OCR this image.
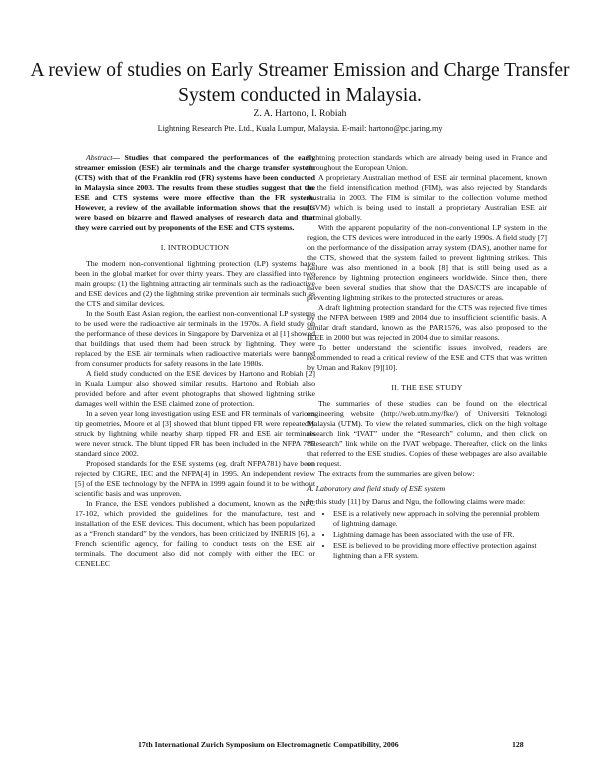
A review of studies on Early Streamer Emission and Charge Transfer System conducted in Malaysia.
Z. A. Hartono, I. Robiah
Lightning Research Pte. Ltd., Kuala Lumpur, Malaysia. E-mail: hartono@pc.jaring.my

Abstract— Studies that compared the performances of the early streamer emission (ESE) air terminals and the charge transfer system (CTS) with that of the Franklin rod (FR) systems have been conducted in Malaysia since 2003. The results from these studies suggest that the ESE and CTS systems were more effective than the FR system. However, a review of the available information shows that the results were based on bizarre and flawed analyses of research data and that they were carried out by proponents of the ESE and CTS systems.

I. INTRODUCTION

The modern non-conventional lightning protection (LP) systems have been in the global market for over thirty years. They are classified into two main groups: (1) the lightning attracting air terminals such as the radioactive and ESE devices and (2) the lightning strike prevention air terminals such as the CTS and similar devices.

In the South East Asian region, the earliest non-conventional LP systems to be used were the radioactive air terminals in the 1970s. A field study on the performance of these devices in Singapore by Darveniza et al [1] showed that buildings that used them had been struck by lightning. They were replaced by the ESE air terminals when radioactive materials were banned from consumer products for safety reasons in the late 1980s.

A field study conducted on the ESE devices by Hartono and Robiah [2] in Kuala Lumpur also showed similar results. Hartono and Robiah also provided before and after event photographs that showed lightning strike damages well within the ESE claimed zone of protection.

In a seven year long investigation using ESE and FR terminals of various tip geometries, Moore et al [3] showed that blunt tipped FR were repeatedly struck by lightning while nearby sharp tipped FR and ESE air terminals were never struck. The blunt tipped FR has been included in the NFPA 780 standard since 2002.

Proposed standards for the ESE systems (eg. draft NFPA781) have been rejected by CIGRE, IEC and the NFPA[4] in 1995. An independent review [5] of the ESE technology by the NFPA in 1999 again found it to be without scientific basis and was unproven.

In France, the ESE vendors published a document, known as the NFC 17-102, which provided the guidelines for the manufacture, test and installation of the ESE devices. This document, which has been popularized as a “French standard” by the vendors, has been criticized by INERIS [6], a French scientific agency, for failing to conduct tests on the ESE air terminals. The document also did not comply with either the IEC or CENELEC

lightning protection standards which are already being used in France and throughout the European Union.

A proprietary Australian method of ESE air terminal placement, known as the field intensification method (FIM), was also rejected by Standards Australia in 2003. The FIM is similar to the collection volume method (CVM) which is being used to install a proprietary Australian ESE air terminal globally.

With the apparent popularity of the non-conventional LP system in the region, the CTS devices were introduced in the early 1990s. A field study [7] on the performance of the dissipation array system (DAS), another name for the CTS, showed that the system failed to prevent lightning strikes. This failure was also mentioned in a book [8] that is still being used as a reference by lightning protection engineers worldwide. Since then, there have been several studies that show that the DAS/CTS are incapable of preventing lightning strikes to the protected structures or areas.

A draft lightning protection standard for the CTS was rejected five times by the NFPA between 1989 and 2004 due to insufficient scientific basis. A similar draft standard, known as the PAR1576, was also proposed to the IEEE in 2000 but was rejected in 2004 due to similar reasons.

To better understand the scientific issues involved, readers are recommended to read a critical review of the ESE and CTS that was written by Uman and Rakov [9][10].

II. THE ESE STUDY

The summaries of these studies can be found on the electrical engineering website (http://web.utm.my/fke/) of Universiti Teknologi Malaysia (UTM). To view the related summaries, click on the high voltage research link “IVAT” under the “Research” column, and then click on “Research” link while on the IVAT webpage. Thereafter, click on the links that referred to the ESE studies. Copies of these webpages are also available on request.

The extracts from the summaries are given below:

A. Laboratory and field study of ESE system

In this study [11] by Darus and Ngu, the following claims were made:

• ESE is a relatively new approach in solving the perennial problem of lightning damage.
• Lightning damage has been associated with the use of FR.
• ESE is believed to be providing more effective protection against lightning than a FR system.
17th International Zurich Symposium on Electromagnetic Compatibility, 2006	128
